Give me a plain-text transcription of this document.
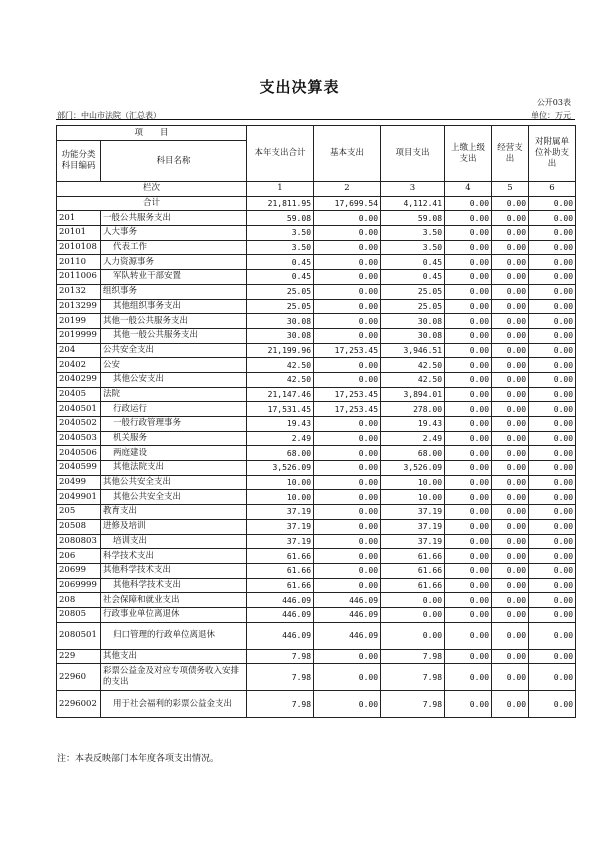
支出决算表
公开03表
部门：中山市法院（汇总表）	单位：万元
项　　目		本年支出合计	基本支出	项目支出	上缴上级支出	经营支出	对附属单位补助支出
功能分类科目编码	科目名称						

栏次		1	2	3	4	5	6
合计		21,811.95	17,699.54	4,112.41	0.00	0.00	0.00
201	一般公共服务支出	59.08	0.00	59.08	0.00	0.00	0.00
20101	人大事务	3.50	0.00	3.50	0.00	0.00	0.00
2010108	代表工作	3.50	0.00	3.50	0.00	0.00	0.00
20110	人力资源事务	0.45	0.00	0.45	0.00	0.00	0.00
2011006	军队转业干部安置	0.45	0.00	0.45	0.00	0.00	0.00
20132	组织事务	25.05	0.00	25.05	0.00	0.00	0.00
2013299	其他组织事务支出	25.05	0.00	25.05	0.00	0.00	0.00
20199	其他一般公共服务支出	30.08	0.00	30.08	0.00	0.00	0.00
2019999	其他一般公共服务支出	30.08	0.00	30.08	0.00	0.00	0.00
204	公共安全支出	21,199.96	17,253.45	3,946.51	0.00	0.00	0.00
20402	公安	42.50	0.00	42.50	0.00	0.00	0.00
2040299	其他公安支出	42.50	0.00	42.50	0.00	0.00	0.00
20405	法院	21,147.46	17,253.45	3,894.01	0.00	0.00	0.00
2040501	行政运行	17,531.45	17,253.45	278.00	0.00	0.00	0.00
2040502	一般行政管理事务	19.43	0.00	19.43	0.00	0.00	0.00
2040503	机关服务	2.49	0.00	2.49	0.00	0.00	0.00
2040506	两庭建设	68.00	0.00	68.00	0.00	0.00	0.00
2040599	其他法院支出	3,526.09	0.00	3,526.09	0.00	0.00	0.00
20499	其他公共安全支出	10.00	0.00	10.00	0.00	0.00	0.00
2049901	其他公共安全支出	10.00	0.00	10.00	0.00	0.00	0.00
205	教育支出	37.19	0.00	37.19	0.00	0.00	0.00
20508	进修及培训	37.19	0.00	37.19	0.00	0.00	0.00
2080803	培训支出	37.19	0.00	37.19	0.00	0.00	0.00
206	科学技术支出	61.66	0.00	61.66	0.00	0.00	0.00
20699	其他科学技术支出	61.66	0.00	61.66	0.00	0.00	0.00
2069999	其他科学技术支出	61.66	0.00	61.66	0.00	0.00	0.00
208	社会保障和就业支出	446.09	446.09	0.00	0.00	0.00	0.00
20805	行政事业单位离退休	446.09	446.09	0.00	0.00	0.00	0.00
2080501	归口管理的行政单位离退休	446.09	446.09	0.00	0.00	0.00	0.00
229	其他支出	7.98	0.00	7.98	0.00	0.00	0.00
22960	彩票公益金及对应专项债务收入安排的支出	7.98	0.00	7.98	0.00	0.00	0.00
2296002	用于社会福利的彩票公益金支出	7.98	0.00	7.98	0.00	0.00	0.00
注：本表反映部门本年度各项支出情况。
